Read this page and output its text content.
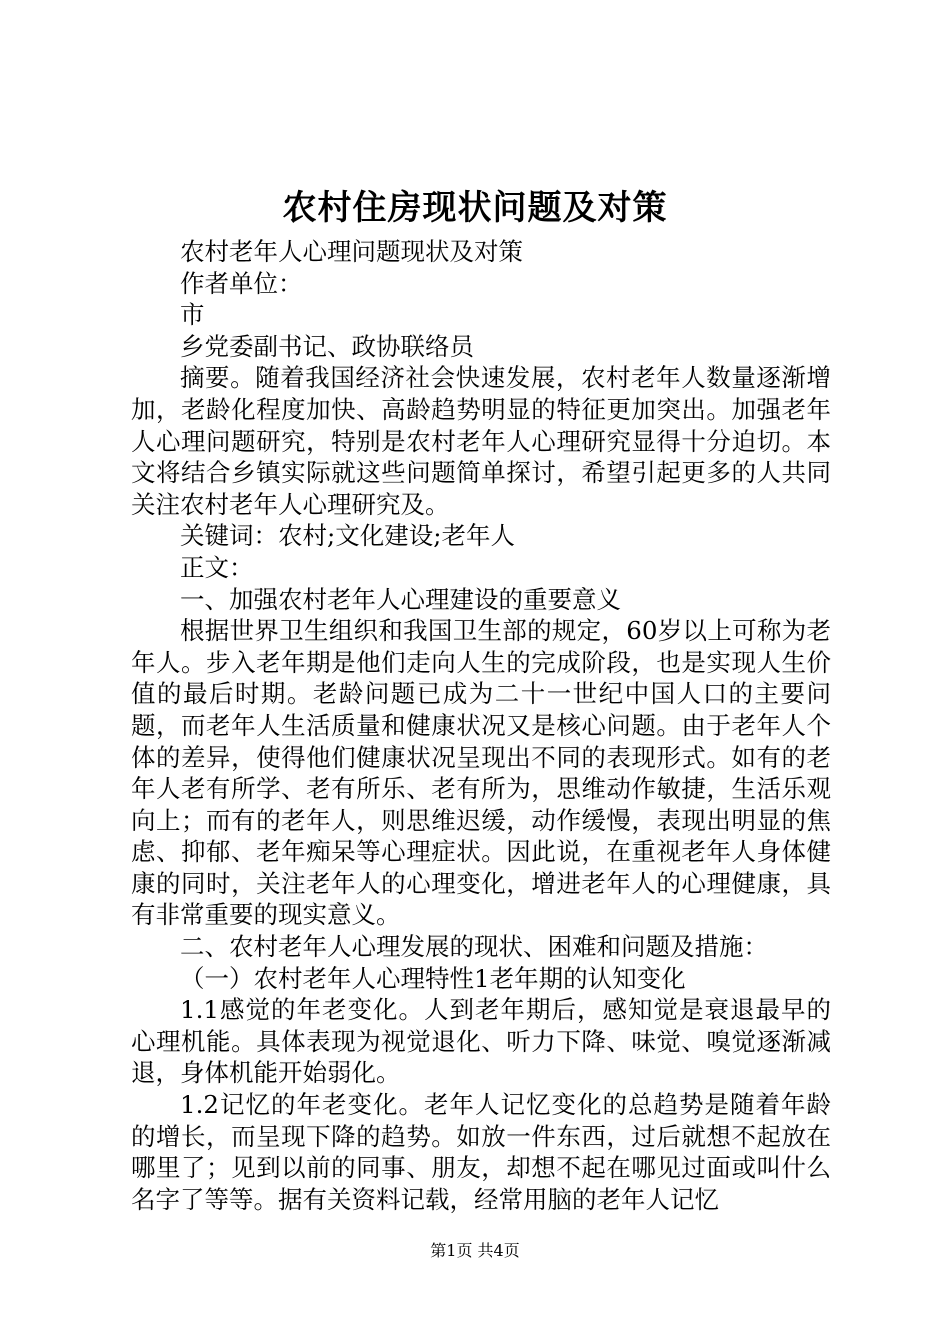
农村住房现状问题及对策

农村老年人心理问题现状及对策

作者单位：

市

乡党委副书记、政协联络员

摘要。随着我国经济社会快速发展，农村老年人数量逐渐增加，老龄化程度加快、高龄趋势明显的特征更加突出。加强老年人心理问题研究，特别是农村老年人心理研究显得十分迫切。本文将结合乡镇实际就这些问题简单探讨，希望引起更多的人共同关注农村老年人心理研究及。

关键词：农村;文化建设;老年人

正文：

一、加强农村老年人心理建设的重要意义

根据世界卫生组织和我国卫生部的规定，60岁以上可称为老年人。步入老年期是他们走向人生的完成阶段，也是实现人生价值的最后时期。老龄问题已成为二十一世纪中国人口的主要问题，而老年人生活质量和健康状况又是核心问题。由于老年人个体的差异，使得他们健康状况呈现出不同的表现形式。如有的老年人老有所学、老有所乐、老有所为，思维动作敏捷，生活乐观向上；而有的老年人，则思维迟缓，动作缓慢，表现出明显的焦虑、抑郁、老年痴呆等心理症状。因此说，在重视老年人身体健康的同时，关注老年人的心理变化，增进老年人的心理健康，具有非常重要的现实意义。

二、农村老年人心理发展的现状、困难和问题及措施：

（一）农村老年人心理特性1老年期的认知变化

1.1感觉的年老变化。人到老年期后，感知觉是衰退最早的心理机能。具体表现为视觉退化、听力下降、味觉、嗅觉逐渐减退，身体机能开始弱化。

1.2记忆的年老变化。老年人记忆变化的总趋势是随着年龄的增长，而呈现下降的趋势。如放一件东西，过后就想不起放在哪里了；见到以前的同事、朋友，却想不起在哪见过面或叫什么名字了等等。据有关资料记载，经常用脑的老年人记忆

第1页 共4页
